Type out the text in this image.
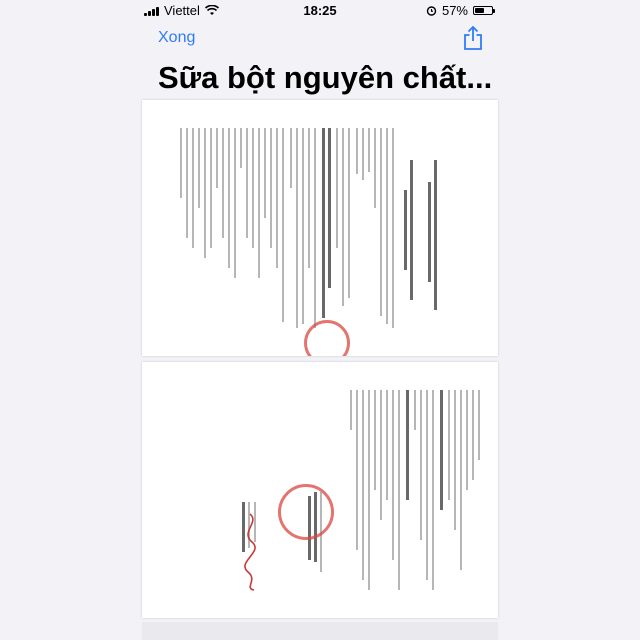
Viettel	18:25	57%
Xong
Sữa bột nguyên chất...
